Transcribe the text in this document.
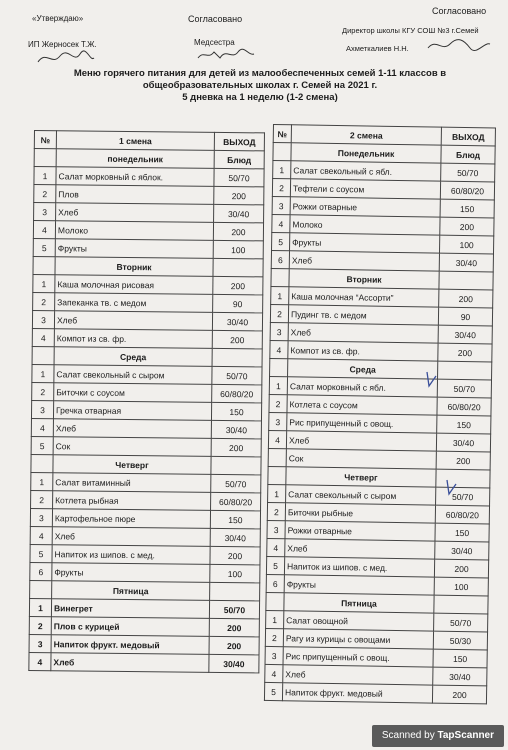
«Утверждаю»
ИП Жерносек Т.Ж.
Согласовано
Медсестра
Согласовано
Директор школы КГУ СОШ №3 г.Семей
Ахметкалиев Н.Н.
Меню горячего питания для детей из малообеспеченных семей 1-11 классов в
общеобразовательных школах г. Семей на 2021 г.
5 дневка на 1 неделю (1-2 смена)
№	1 смена	ВЫХОД
	понедельник	Блюд
1	Салат морковный с яблок.	50/70
2	Плов	200
3	Хлеб	30/40
4	Молоко	200
5	Фрукты	100
	Вторник	
1	Каша молочная рисовая	200
2	Запеканка тв. с медом	90
3	Хлеб	30/40
4	Компот из св. фр.	200
	Среда	
1	Салат свекольный с сыром	50/70
2	Биточки с соусом	60/80/20
3	Гречка отварная	150
4	Хлеб	30/40
5	Сок	200
	Четверг	
1	Салат витаминный	50/70
2	Котлета рыбная	60/80/20
3	Картофельное пюре	150
4	Хлеб	30/40
5	Напиток из шипов. с мед.	200
6	Фрукты	100
	Пятница	
1	Винегрет	50/70
2	Плов с курицей	200
3	Напиток фрукт. медовый	200
4	Хлеб	30/40
№	2 смена	ВЫХОД
	Понедельник	Блюд
1	Салат свекольный с ябл.	50/70
2	Тефтели с соусом	60/80/20
3	Рожки отварные	150
4	Молоко	200
5	Фрукты	100
6	Хлеб	30/40
	Вторник	
1	Каша молочная “Ассорти”	200
2	Пудинг тв. с медом	90
3	Хлеб	30/40
4	Компот из св. фр.	200
	Среда	
1	Салат морковный с ябл.	50/70
2	Котлета с соусом	60/80/20
3	Рис припущенный с овощ.	150
4	Хлеб	30/40
	Сок	200
	Четверг	
1	Салат свекольный с сыром	50/70
2	Биточки рыбные	60/80/20
3	Рожки отварные	150
4	Хлеб	30/40
5	Напиток из шипов. с мед.	200
6	Фрукты	100
	Пятница	
1	Салат овощной	50/70
2	Рагу из курицы с овощами	50/30
3	Рис припущенный с овощ.	150
4	Хлеб	30/40
5	Напиток фрукт. медовый	200
Scanned by TapScanner
